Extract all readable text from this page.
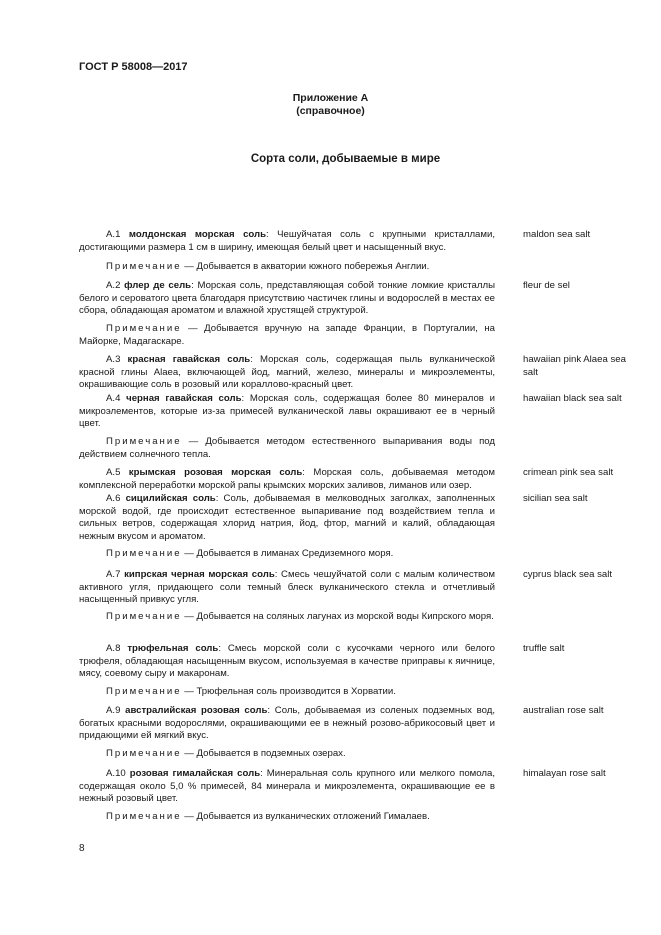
ГОСТ Р 58008—2017
Приложение А
(справочное)
Сорта соли, добываемые в мире
А.1 молдонская морская соль: Чешуйчатая соль с крупными кристаллами, достигающими размера 1 см в ширину, имеющая белый цвет и насыщенный вкус.
maldon sea salt
Примечание — Добывается в акватории южного побережья Англии.
А.2 флер де сель: Морская соль, представляющая собой тонкие ломкие кристаллы белого и сероватого цвета благодаря присутствию частичек глины и водорослей в местах ее сбора, обладающая ароматом и влажной хрустящей структурой.
fleur de sel
Примечание — Добывается вручную на западе Франции, в Португалии, на Майорке, Мадагаскаре.
А.3 красная гавайская соль: Морская соль, содержащая пыль вулканической красной глины Alaea, включающей йод, магний, железо, минералы и микроэлементы, окрашивающие соль в розовый или кораллово-красный цвет.
hawaiian pink Alaea sea salt
А.4 черная гавайская соль: Морская соль, содержащая более 80 минералов и микроэлементов, которые из-за примесей вулканической лавы окрашивают ее в черный цвет.
hawaiian black sea salt
Примечание — Добывается методом естественного выпаривания воды под действием солнечного тепла.
А.5 крымская розовая морская соль: Морская соль, добываемая методом комплексной переработки морской рапы крымских морских заливов, лиманов или озер.
crimean pink sea salt
А.6 сицилийская соль: Соль, добываемая в мелководных заголках, заполненных морской водой, где происходит естественное выпаривание под воздействием тепла и сильных ветров, содержащая хлорид натрия, йод, фтор, магний и калий, обладающая нежным вкусом и ароматом.
sicilian sea salt
Примечание — Добывается в лиманах Средиземного моря.
А.7 кипрская черная морская соль: Смесь чешуйчатой соли с малым количеством активного угля, придающего соли темный блеск вулканического стекла и отчетливый насыщенный привкус угля.
cyprus black sea salt
Примечание — Добывается на соляных лагунах из морской воды Кипрского моря.
А.8 трюфельная соль: Смесь морской соли с кусочками черного или белого трюфеля, обладающая насыщенным вкусом, используемая в качестве приправы к яичнице, мясу, соевому сыру и макаронам.
truffle salt
Примечание — Трюфельная соль производится в Хорватии.
А.9 австралийская розовая соль: Соль, добываемая из соленых подземных вод, богатых красными водорослями, окрашивающими ее в нежный розово-абрикосовый цвет и придающими ей мягкий вкус.
australian rose salt
Примечание — Добывается в подземных озерах.
А.10 розовая гималайская соль: Минеральная соль крупного или мелкого помола, содержащая около 5,0 % примесей, 84 минерала и микроэлемента, окрашивающие ее в нежный розовый цвет.
himalayan rose salt
Примечание — Добывается из вулканических отложений Гималаев.
8
